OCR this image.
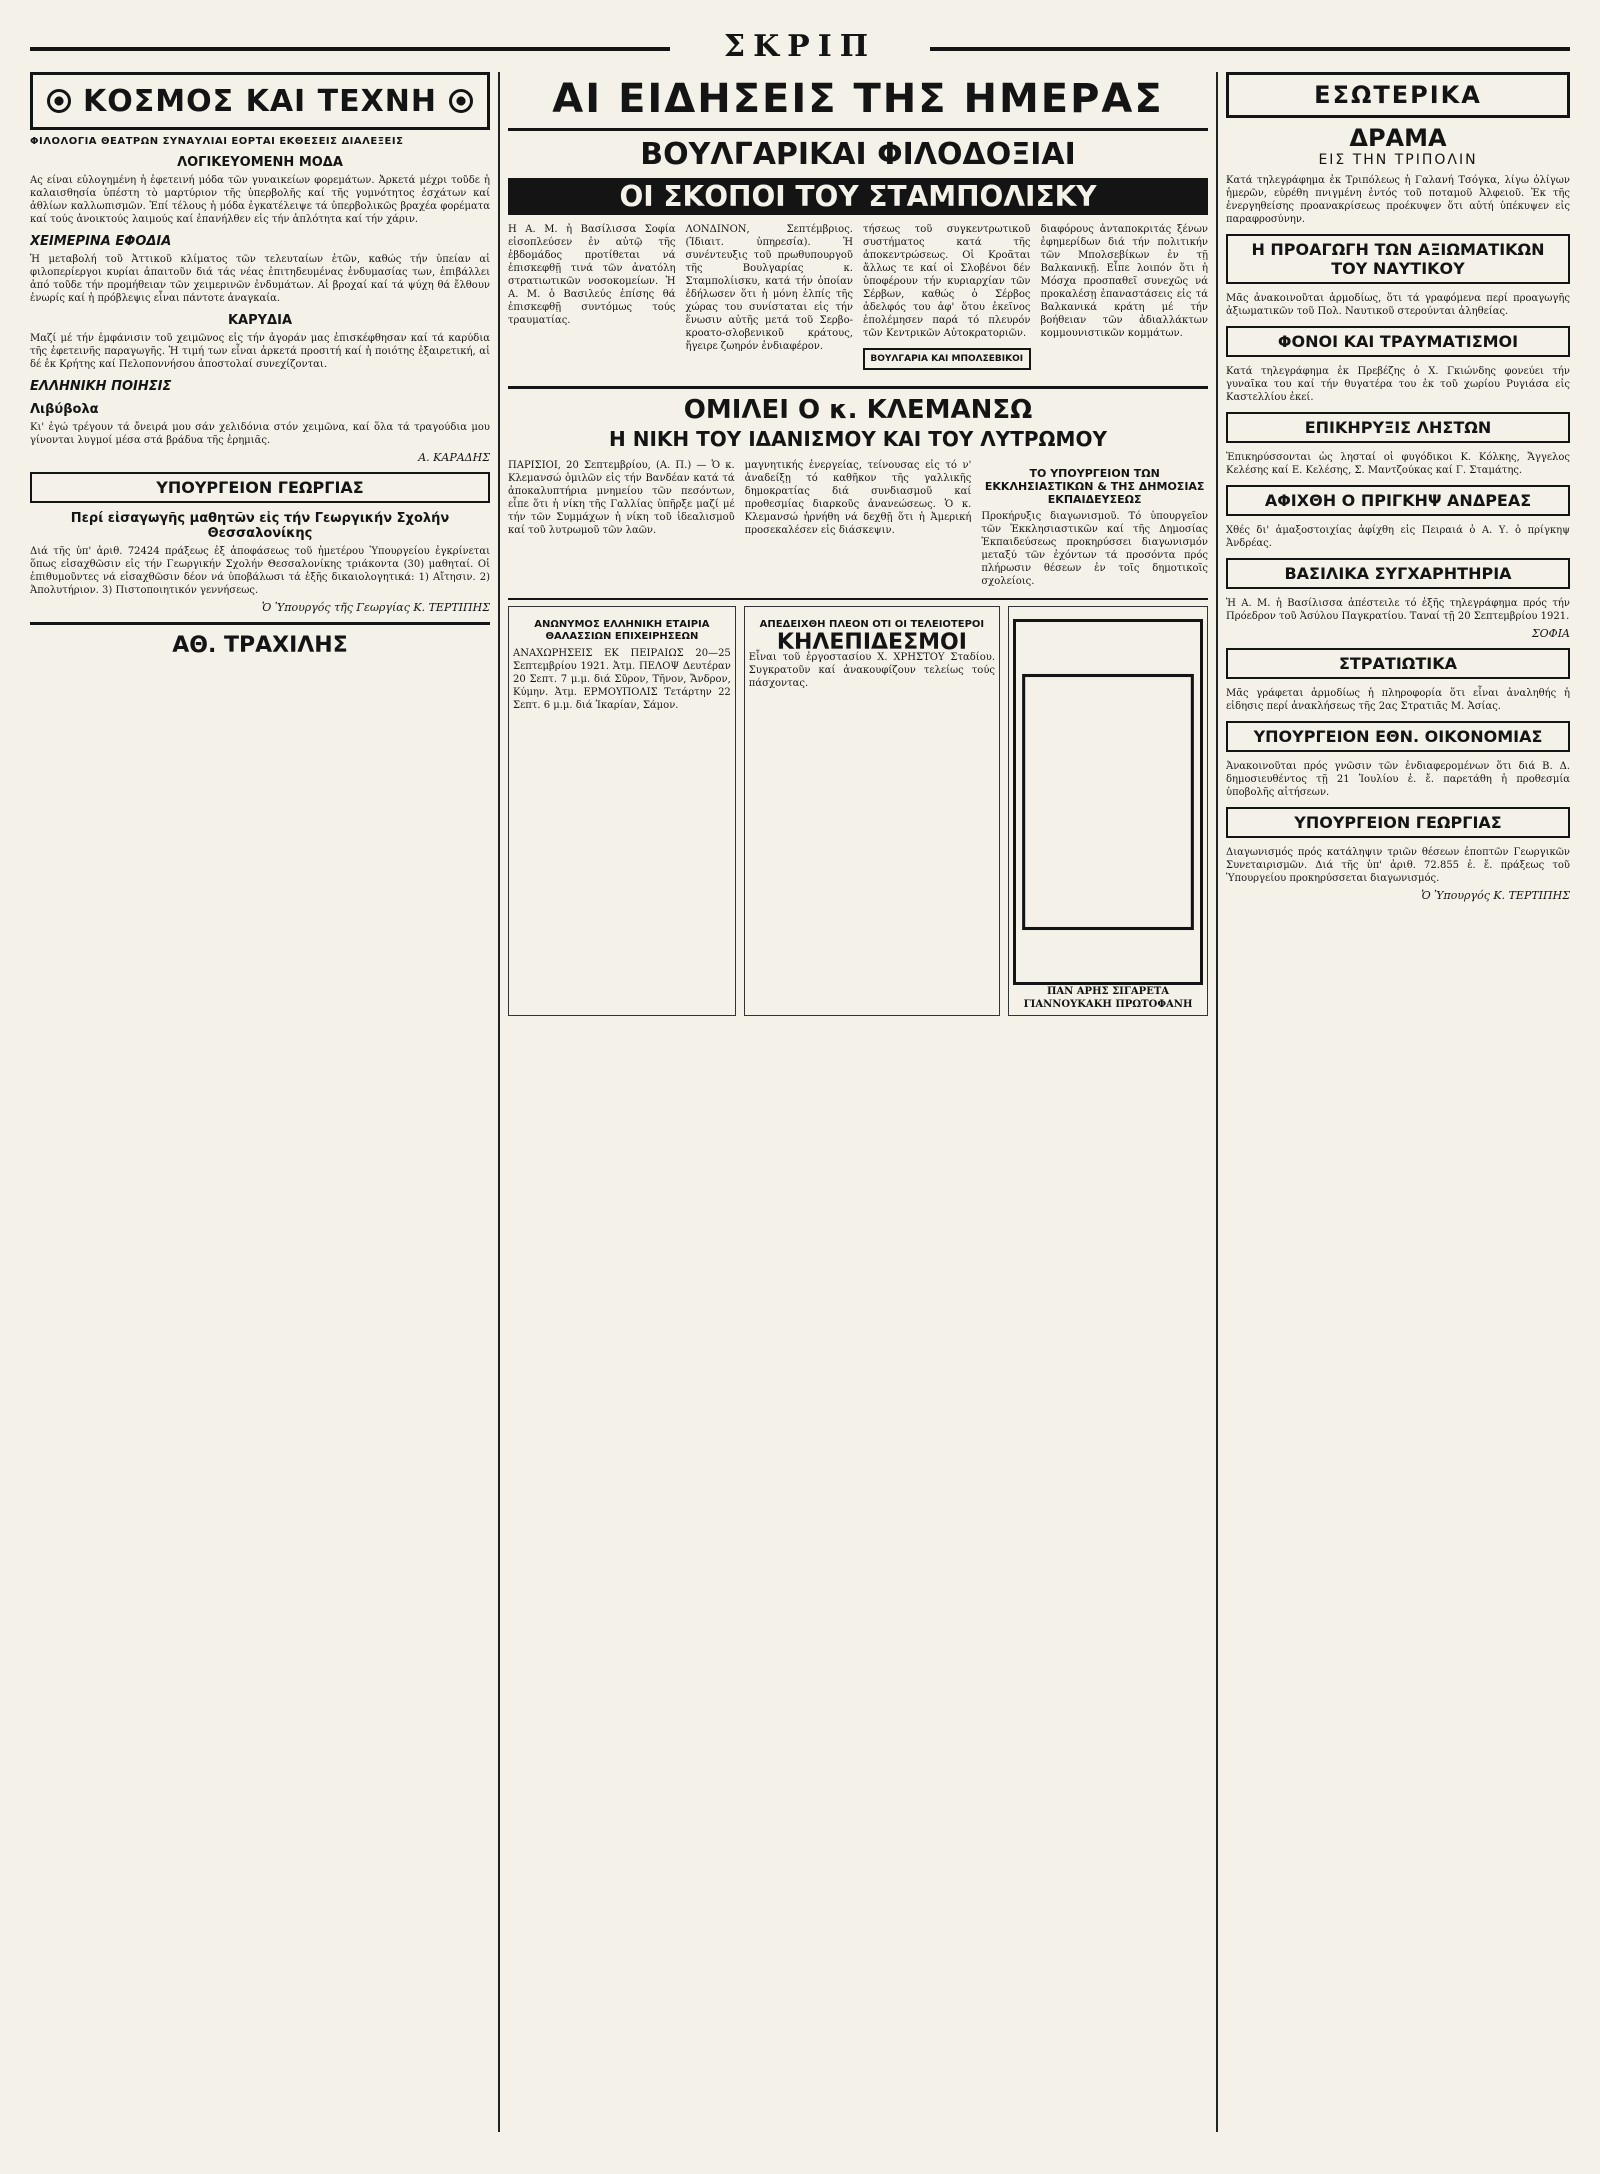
ΣΚΡΙΠ
ΚΟΣΜΟΣ ΚΑΙ ΤΕΧΝΗ
ΦΙΛΟΛΟΓΙΑ ΘΕΑΤΡΩΝ ΣΥΝΑΥΛΙΑΙ ΕΟΡΤΑΙ ΕΚΘΕΣΕΙΣ ΔΙΑΛΕΞΕΙΣ
ΛΟΓΙΚΕΥΟΜΕΝΗ ΜΟΔΑ

Ας είναι εὐλογημένη ἡ ἐφετεινή μόδα τῶν γυναικείων φορεμάτων. Ἀρκετά μέχρι τοῦδε ἡ καλαισθησία ὑπέστη τὸ μαρτύριον τῆς ὑπερβολῆς καί τῆς γυμνότητος ἐσχάτων καί ἀθλίων καλλωπισμῶν. Ἐπί τέλους ἡ μόδα ἐγκατέλειψε τά ὑπερβολικῶς βραχέα φορέματα καί τούς ἀνοικτούς λαιμούς καί ἐπανήλθεν εἰς τήν ἁπλότητα καί τήν χάριν.

ΧΕΙΜΕΡΙΝΑ ΕΦΟΔΙΑ

Ἡ μεταβολή τοῦ Ἀττικοῦ κλίματος τῶν τελευταίων ἐτῶν, καθώς τήν ὑπείαν αἰ φιλοπερίεργοι κυρίαι ἀπαιτοῦν διά τάς νέας ἐπιτηδευμένας ἐνδυμασίας των, ἐπιβάλλει ἀπό τοῦδε τήν προμήθειαν τῶν χειμερινῶν ἐνδυμάτων. Αἱ βροχαί καί τά ψύχη θά ἔλθουν ἐνωρίς καί ἡ πρόβλεψις εἶναι πάντοτε ἀναγκαία.

ΚΑΡΥΔΙΑ

Μαζί μέ τήν ἐμφάνισιν τοῦ χειμῶνος εἰς τήν ἀγοράν μας ἐπισκέφθησαν καί τά καρύδια τῆς ἐφετεινῆς παραγωγῆς. Ἡ τιμή των εἶναι ἀρκετά προσιτή καί ἡ ποιότης ἐξαιρετική, αἱ δέ ἐκ Κρήτης καί Πελοποννήσου ἀποστολαί συνεχίζονται.

ΕΛΛΗΝΙΚΗ ΠΟΙΗΣΙΣ
Λιβύβολα

Κι' ἐγώ τρέγουν τά ὄνειρά μου σάν χελιδόνια στόν χειμῶνα, καί ὅλα τά τραγούδια μου γίνονται λυγμοί μέσα στά βράδυα τῆς ἐρημιᾶς.

Α. ΚΑΡΑΔΗΣ
ΥΠΟΥΡΓΕΙΟΝ ΓΕΩΡΓΙΑΣ
Περί εἰσαγωγῆς μαθητῶν εἰς τήν Γεωργικήν Σχολήν Θεσσαλονίκης

Διά τῆς ὑπ' ἀριθ. 72424 πράξεως ἐξ ἀποφάσεως τοῦ ἡμετέρου Ὑπουργείου ἐγκρίνεται ὅπως εἰσαχθῶσιν εἰς τήν Γεωργικήν Σχολήν Θεσσαλονίκης τριάκοντα (30) μαθηταί. Οἱ ἐπιθυμοῦντες νά εἰσαχθῶσιν δέον νά ὑποβάλωσι τά ἑξῆς δικαιολογητικά: 1) Αἴτησιν. 2) Ἀπολυτήριον. 3) Πιστοποιητικόν γεννήσεως.

Ὁ Ὑπουργός τῆς Γεωργίας Κ. ΤΕΡΤΙΠΗΣ
ΑΘ. ΤΡΑΧΙΛΗΣ
ΑΙ ΕΙΔΗΣΕΙΣ ΤΗΣ ΗΜΕΡΑΣ
ΒΟΥΛΓΑΡΙΚΑΙ ΦΙΛΟΔΟΞΙΑΙ
ΟΙ ΣΚΟΠΟΙ ΤΟΥ ΣΤΑΜΠΟΛΙΣΚΥ

Η Α. Μ. ἡ Βασίλισσα Σοφία εἰσοπλεύσεν ἐν αὐτῷ τῆς ἑβδομάδος προτίθεται νά ἐπισκεφθῇ τινά τῶν ἀνατόλη στρατιωτικῶν νοσοκομείων. Ἡ Α. Μ. ὁ Βασιλεύς ἐπίσης θά ἐπισκεφθῇ συντόμως τούς τραυματίας.

ΛΟΝΔΙΝΟΝ, Σεπτέμβριος. (Ἰδιαιτ. ὑπηρεσία). Ἡ συνέντευξις τοῦ πρωθυπουργοῦ τῆς Βουλγαρίας κ. Σταμπολίισκυ, κατά τήν ὁποίαν ἐδήλωσεν ὅτι ἡ μόνη ἐλπίς τῆς χώρας του συνίσταται εἰς τήν ἕνωσιν αὐτῆς μετά τοῦ Σερβο-κροατο-σλοβενικοῦ κράτους, ἤγειρε ζωηρόν ἐνδιαφέρον.

τήσεως τοῦ συγκεντρωτικοῦ συστήματος κατά τῆς ἀποκεντρώσεως. Οἱ Κροᾶται ἄλλως τε καί οἱ Σλοβένοι δέν ὑποφέρουν τήν κυριαρχίαν τῶν Σέρβων, καθώς ὁ Σέρβος ἀδελφός του ἀφ' ὅτου ἐκεῖνος ἐπολέμησεν παρά τό πλευρόν τῶν Κεντρικῶν Αὐτοκρατοριῶν.

ΒΟΥΛΓΑΡΙΑ ΚΑΙ ΜΠΟΛΣΕΒΙΚΟΙ

διαφόρους ἀνταποκριτάς ξένων ἐφημερίδων διά τήν πολιτικήν τῶν Μπολσεβίκων ἐν τῇ Βαλκανικῇ. Εἶπε λοιπόν ὅτι ἡ Μόσχα προσπαθεῖ συνεχῶς νά προκαλέσῃ ἐπαναστάσεις εἰς τά Βαλκανικά κράτη μέ τήν βοήθειαν τῶν ἀδιαλλάκτων κομμουνιστικῶν κομμάτων.

ΟΜΙΛΕΙ Ο κ. ΚΛΕΜΑΝΣΩ
Η ΝΙΚΗ ΤΟΥ ΙΔΑΝΙΣΜΟΥ ΚΑΙ ΤΟΥ ΛΥΤΡΩΜΟΥ

ΠΑΡΙΣΙΟΙ, 20 Σεπτεμβρίου, (Α. Π.) — Ὁ κ. Κλεμανσώ ὁμιλῶν εἰς τήν Βανδέαν κατά τά ἀποκαλυπτήρια μνημείου τῶν πεσόντων, εἶπε ὅτι ἡ νίκη τῆς Γαλλίας ὑπῆρξε μαζί μέ τήν τῶν Συμμάχων ἡ νίκη τοῦ ἰδεαλισμοῦ καί τοῦ λυτρωμοῦ τῶν λαῶν.

μαγνητικής ἐνεργείας, τείνουσας εἰς τό ν' ἀναδείξῃ τό καθῆκον τῆς γαλλικῆς δημοκρατίας διά συνδιασμοῦ καί προθεσμίας διαρκοῦς ἀνανεώσεως. Ὁ κ. Κλεμανσώ ἠρνήθη νά δεχθῇ ὅτι ἡ Ἀμερική προσεκαλέσεν εἰς διάσκεψιν.

ΤΟ ΥΠΟΥΡΓΕΙΟΝ ΤΩΝ ΕΚΚΛΗΣΙΑΣΤΙΚΩΝ & ΤΗΣ ΔΗΜΟΣΙΑΣ ΕΚΠΑΙΔΕΥΣΕΩΣ

Προκήρυξις διαγωνισμοῦ. Τό ὑπουργεῖον τῶν Ἐκκλησιαστικῶν καί τῆς Δημοσίας Ἐκπαιδεύσεως προκηρύσσει διαγωνισμόν μεταξύ τῶν ἐχόντων τά προσόντα πρός πλήρωσιν θέσεων ἐν τοῖς δημοτικοῖς σχολείοις.

ΑΝΩΝΥΜΟΣ ΕΛΛΗΝΙΚΗ ΕΤΑΙΡΙΑ ΘΑΛΑΣΣΙΩΝ ΕΠΙΧΕΙΡΗΣΕΩΝ

ΑΝΑΧΩΡΗΣΕΙΣ ΕΚ ΠΕΙΡΑΙΩΣ 20—25 Σεπτεμβρίου 1921. Ἀτμ. ΠΕΛΟΨ Δευτέραν 20 Σεπτ. 7 μ.μ. διά Σῦρον, Τῆνον, Ἄνδρον, Κύμην. Ἀτμ. ΕΡΜΟΥΠΟΛΙΣ Τετάρτην 22 Σεπτ. 6 μ.μ. διά Ἰκαρίαν, Σάμον.

ΑΠΕΔΕΙΧΘΗ ΠΛΕΟΝ ΟΤΙ ΟΙ ΤΕΛΕΙΟΤΕΡΟΙ
ΚΗΛΕΠΙΔΕΣΜΟΙ

Εἶναι τοῦ ἐργοστασίου Χ. ΧΡΗΣΤΟΥ Σταδίου. Συγκρατοῦν καί ἀνακουφίζουν τελείως τούς πάσχοντας.

ΠΑΝ ΑΡΗΣ ΣΙΓΑΡΕΤΑ ΓΙΑΝΝΟΥΚΑΚΗ ΠΡΩΤΟΦΑΝΗ
ΕΣΩΤΕΡΙΚΑ
ΔΡΑΜΑ
ΕΙΣ ΤΗΝ ΤΡΙΠΟΛΙΝ

Κατά τηλεγράφημα ἐκ Τριπόλεως ἡ Γαλανή Τσόγκα, λίγω ὀλίγων ἡμερῶν, εὑρέθη πνιγμένη ἐντός τοῦ ποταμοῦ Ἀλφειοῦ. Ἐκ τῆς ἐνεργηθείσης προανακρίσεως προέκυψεν ὅτι αὐτή ὑπέκυψεν εἰς παραφροσύνην.

Η ΠΡΟΑΓΩΓΗ ΤΩΝ ΑΞΙΩΜΑΤΙΚΩΝ ΤΟΥ ΝΑΥΤΙΚΟΥ

Μᾶς ἀνακοινοῦται ἁρμοδίως, ὅτι τά γραφόμενα περί προαγωγῆς ἀξιωματικῶν τοῦ Πολ. Ναυτικοῦ στερούνται ἀληθείας.

ΦΟΝΟΙ ΚΑΙ ΤΡΑΥΜΑΤΙΣΜΟΙ

Κατά τηλεγράφημα ἐκ Πρεβέζης ὁ Χ. Γκιώνδης φονεύει τήν γυναῖκα του καί τήν θυγατέρα του ἐκ τοῦ χωρίου Ρυγιάσα εἰς Καστελλίου ἐκεί.

ΕΠΙΚΗΡΥΞΙΣ ΛΗΣΤΩΝ

Ἐπικηρύσσονται ὡς λησταί οἱ φυγόδικοι Κ. Κόλκης, Ἄγγελος Κελέσης καί Ε. Κελέσης, Σ. Μαντζούκας καί Γ. Σταμάτης.

ΑΦΙΧΘΗ Ο ΠΡΙΓΚΗΨ ΑΝΔΡΕΑΣ

Χθές δι' ἀμαξοστοιχίας ἀφίχθη εἰς Πειραιά ὁ Α. Υ. ὁ πρίγκηψ Ἀνδρέας.

ΒΑΣΙΛΙΚΑ ΣΥΓΧΑΡΗΤΗΡΙΑ

Ἡ Α. Μ. ἡ Βασίλισσα ἀπέστειλε τό ἑξῆς τηλεγράφημα πρός τήν Πρόεδρον τοῦ Ἀσύλου Παγκρατίου. Ταναί τῇ 20 Σεπτεμβρίου 1921.

ΣΟΦΙΑ
ΣΤΡΑΤΙΩΤΙΚΑ

Μᾶς γράφεται ἁρμοδίως ἡ πληροφορία ὅτι εἶναι ἀναληθής ἡ εἰδησις περί ἀνακλήσεως τῆς 2ας Στρατιᾶς Μ. Ἀσίας.

ΥΠΟΥΡΓΕΙΟΝ ΕΘΝ. ΟΙΚΟΝΟΜΙΑΣ

Ἀνακοινοῦται πρός γνῶσιν τῶν ἐνδιαφερομένων ὅτι διά Β. Δ. δημοσιευθέντος τῇ 21 Ἰουλίου ἐ. ἔ. παρετάθη ἡ προθεσμία ὑποβολῆς αἰτήσεων.

ΥΠΟΥΡΓΕΙΟΝ ΓΕΩΡΓΙΑΣ

Διαγωνισμός πρός κατάληψιν τριῶν θέσεων ἐποπτῶν Γεωργικῶν Συνεταιρισμῶν. Διά τῆς ὑπ' ἀριθ. 72.855 ἐ. ἔ. πράξεως τοῦ Ὑπουργείου προκηρύσσεται διαγωνισμός.

Ὁ Ὑπουργός Κ. ΤΕΡΤΙΠΗΣ
